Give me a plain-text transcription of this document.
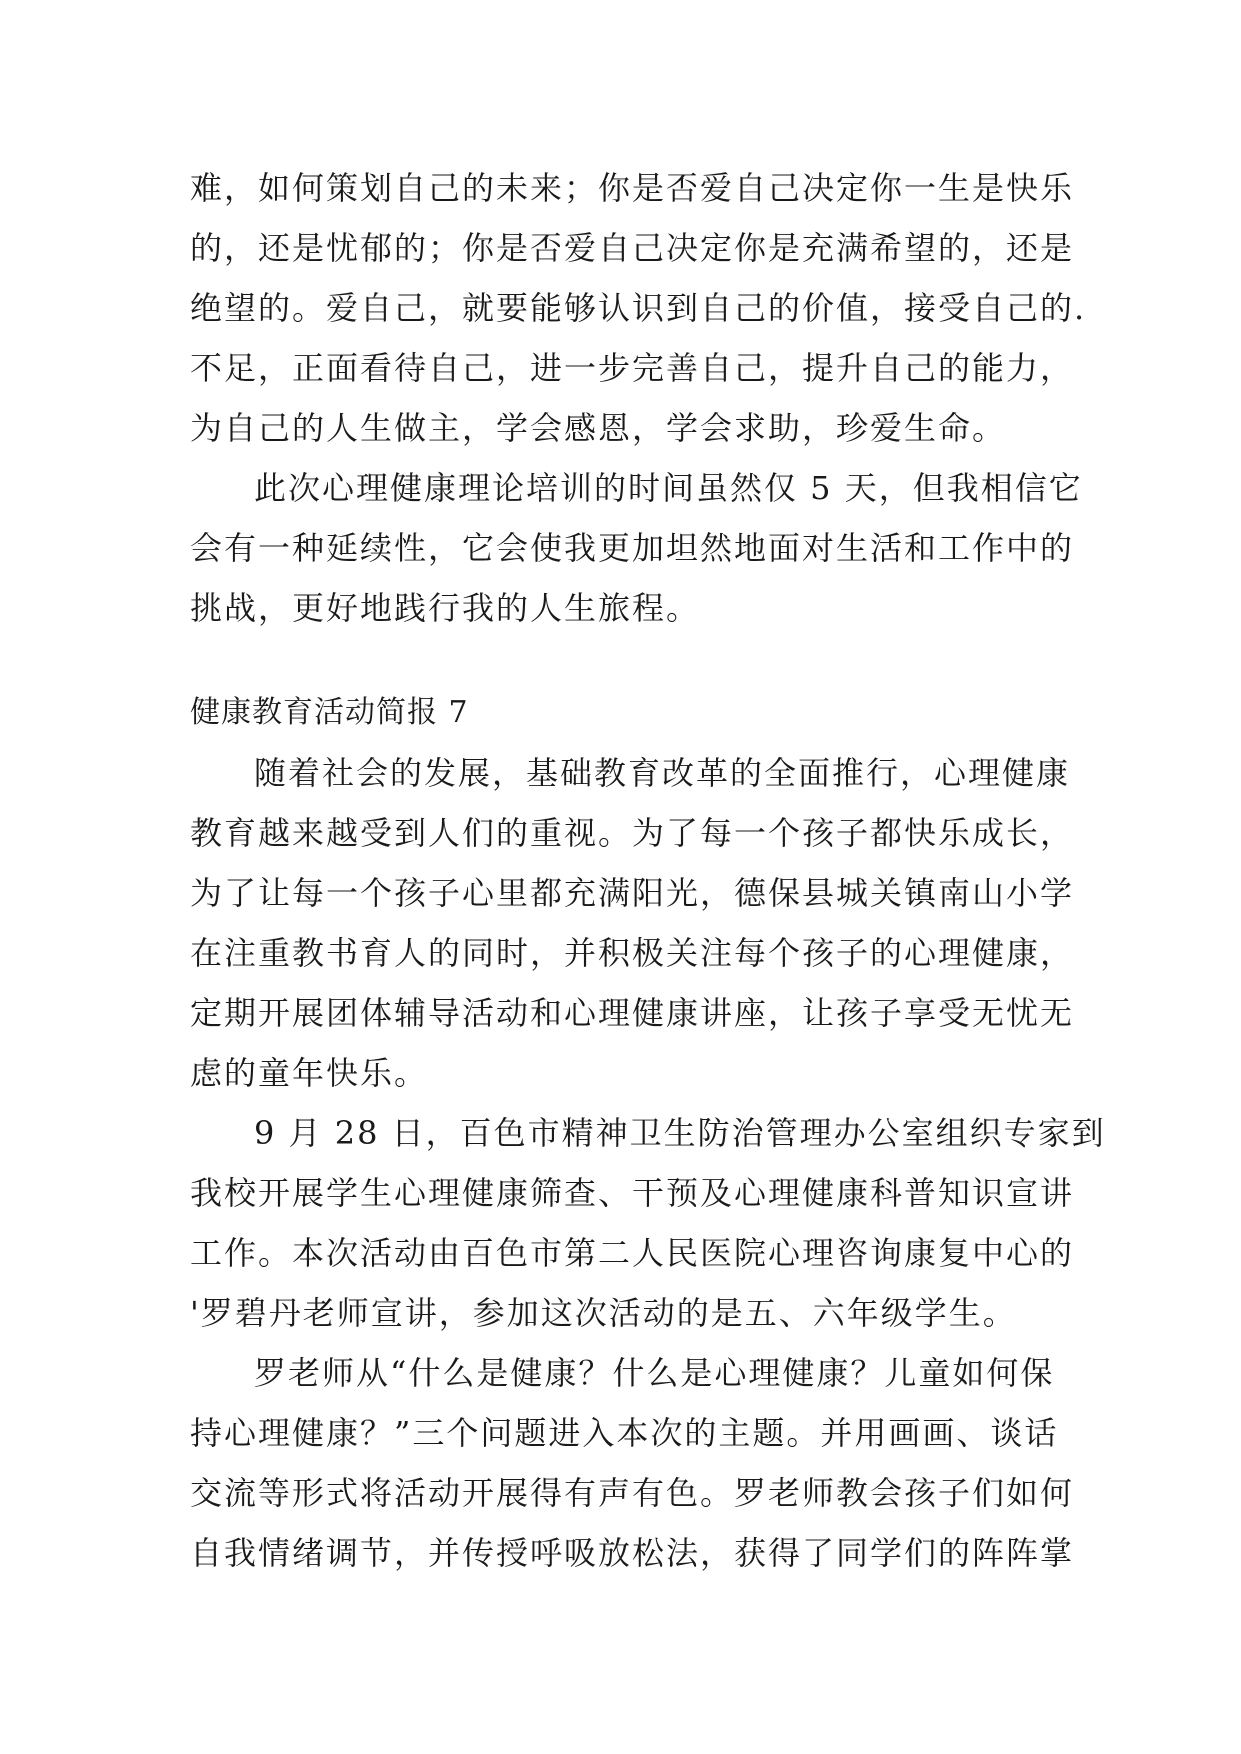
难，如何策划自己的未来；你是否爱自己决定你一生是快乐
的，还是忧郁的；你是否爱自己决定你是充满希望的，还是
绝望的。爱自己，就要能够认识到自己的价值，接受自己的.
不足，正面看待自己，进一步完善自己，提升自己的能力，
为自己的人生做主，学会感恩，学会求助，珍爱生命。
此次心理健康理论培训的时间虽然仅 5 天，但我相信它
会有一种延续性，它会使我更加坦然地面对生活和工作中的
挑战，更好地践行我的人生旅程。
健康教育活动简报 7
随着社会的发展，基础教育改革的全面推行，心理健康
教育越来越受到人们的重视。为了每一个孩子都快乐成长，
为了让每一个孩子心里都充满阳光，德保县城关镇南山小学
在注重教书育人的同时，并积极关注每个孩子的心理健康，
定期开展团体辅导活动和心理健康讲座，让孩子享受无忧无
虑的童年快乐。
9 月 28 日，百色市精神卫生防治管理办公室组织专家到
我校开展学生心理健康筛查、干预及心理健康科普知识宣讲
工作。本次活动由百色市第二人民医院心理咨询康复中心的
'罗碧丹老师宣讲，参加这次活动的是五、六年级学生。
罗老师从“什么是健康？什么是心理健康？儿童如何保
持心理健康？”三个问题进入本次的主题。并用画画、谈话
交流等形式将活动开展得有声有色。罗老师教会孩子们如何
自我情绪调节，并传授呼吸放松法，获得了同学们的阵阵掌
